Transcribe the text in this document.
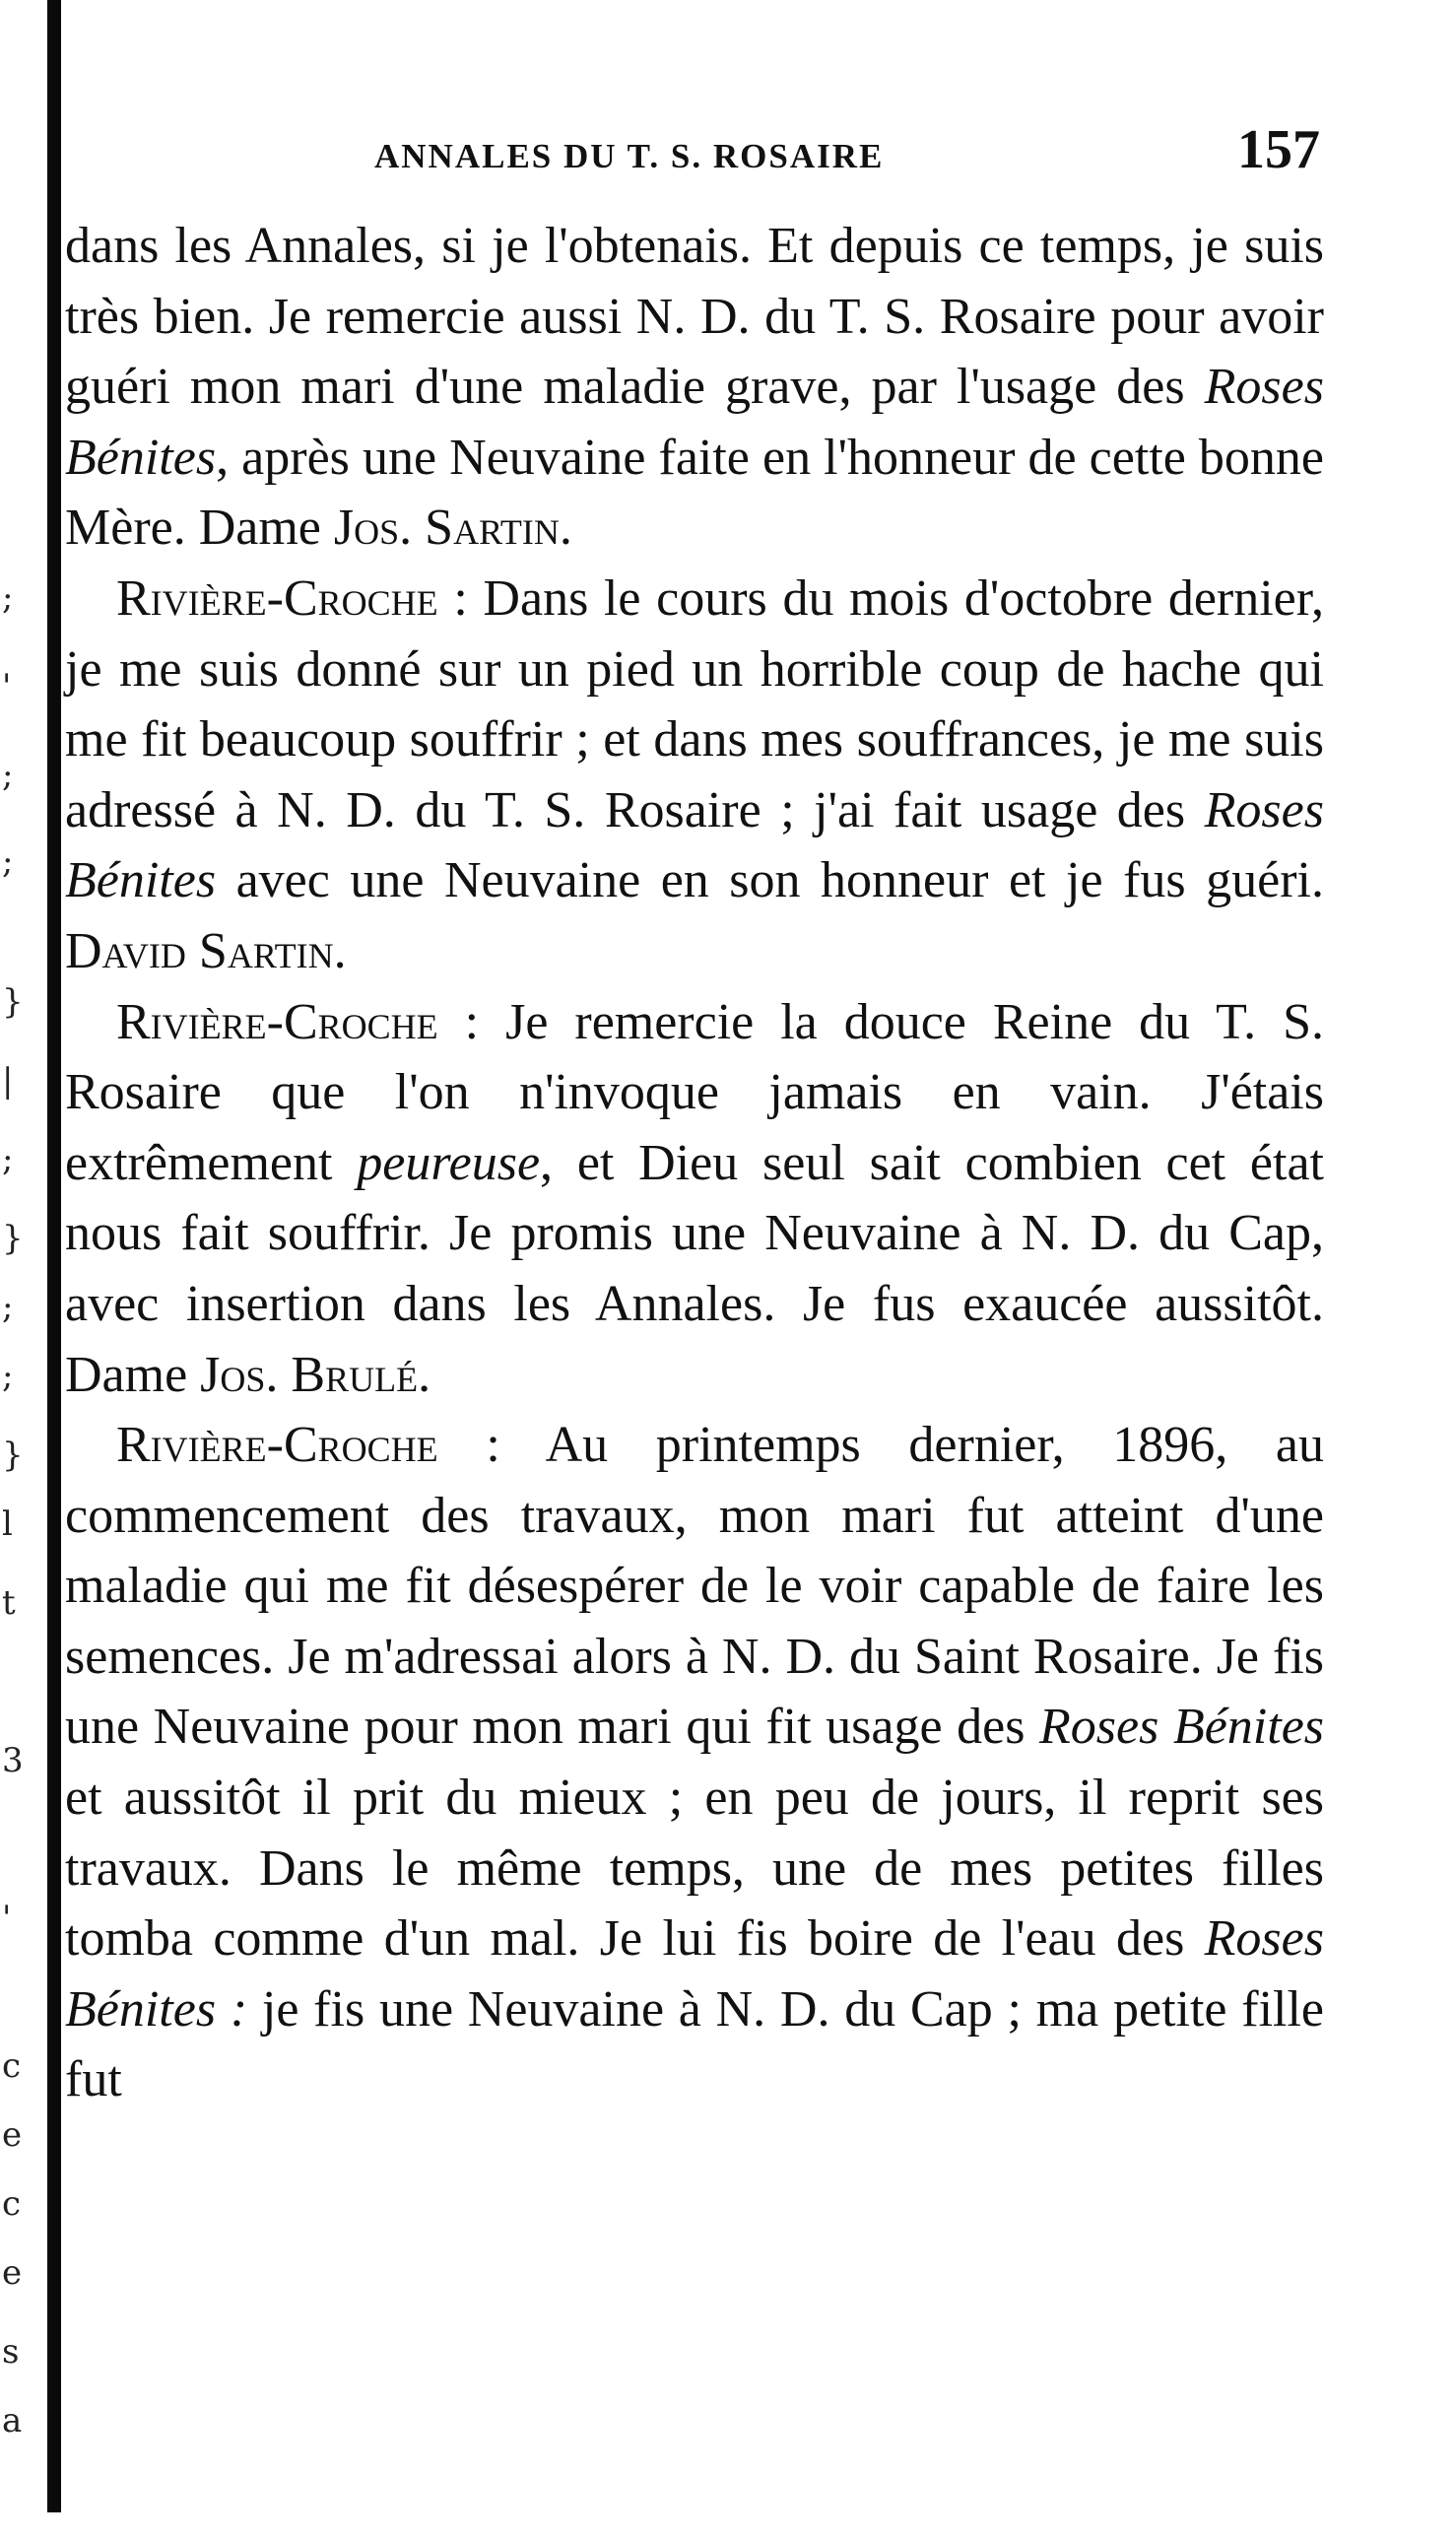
;
'
;
;
}
|
;
}
;
;
}
l
t
3
'
c
e
c
e
s
a
ANNALES DU T. S. ROSAIRE	157

dans les Annales, si je l'obtenais. Et depuis ce temps, je suis très bien. Je remercie aussi N. D. du T. S. Rosaire pour avoir guéri mon mari d'une maladie grave, par l'usage des Roses Bénites, après une Neuvaine faite en l'honneur de cette bonne Mère. Dame Jos. Sartin.

Rivière-Croche : Dans le cours du mois d'octobre dernier, je me suis donné sur un pied un horrible coup de hache qui me fit beaucoup souffrir ; et dans mes souffrances, je me suis adressé à N. D. du T. S. Rosaire ; j'ai fait usage des Roses Bénites avec une Neuvaine en son honneur et je fus guéri. David Sartin.

Rivière-Croche : Je remercie la douce Reine du T. S. Rosaire que l'on n'invoque jamais en vain. J'étais extrêmement peureuse, et Dieu seul sait combien cet état nous fait souffrir. Je promis une Neuvaine à N. D. du Cap, avec insertion dans les Annales. Je fus exaucée aussitôt. Dame Jos. Brulé.

Rivière-Croche : Au printemps dernier, 1896, au commencement des travaux, mon mari fut atteint d'une maladie qui me fit désespérer de le voir capable de faire les semences. Je m'adressai alors à N. D. du Saint Rosaire. Je fis une Neuvaine pour mon mari qui fit usage des Roses Bénites et aussitôt il prit du mieux ; en peu de jours, il reprit ses travaux. Dans le même temps, une de mes petites filles tomba comme d'un mal. Je lui fis boire de l'eau des Roses Bénites : je fis une Neuvaine à N. D. du Cap ; ma petite fille fut
